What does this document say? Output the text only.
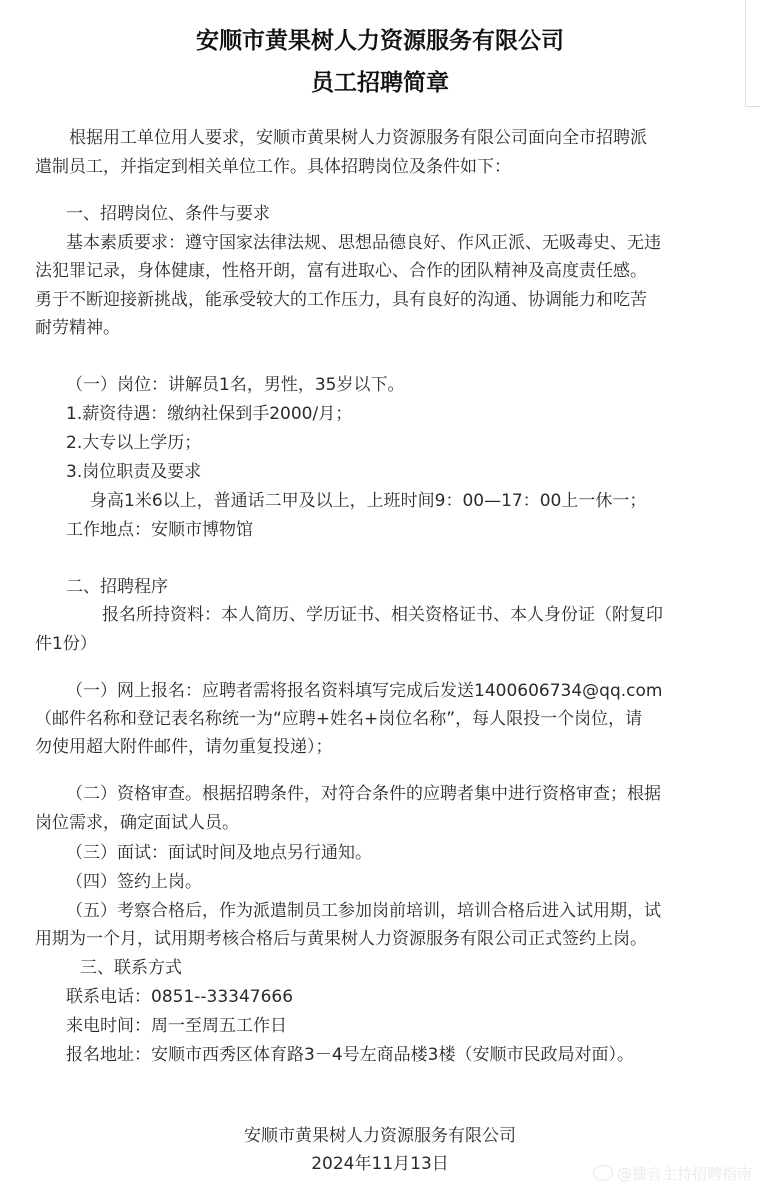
安顺市黄果树人力资源服务有限公司
员工招聘简章
根据用工单位用人要求，安顺市黄果树人力资源服务有限公司面向全市招聘派
遣制员工，并指定到相关单位工作。具体招聘岗位及条件如下：
一、招聘岗位、条件与要求
基本素质要求：遵守国家法律法规、思想品德良好、作风正派、无吸毒史、无违
法犯罪记录，身体健康，性格开朗，富有进取心、合作的团队精神及高度责任感。
勇于不断迎接新挑战，能承受较大的工作压力，具有良好的沟通、协调能力和吃苦
耐劳精神。
（一）岗位：讲解员1名，男性，35岁以下。
1.薪资待遇：缴纳社保到手2000/月；
2.大专以上学历；
3.岗位职责及要求
身高1米6以上，普通话二甲及以上，上班时间9：00—17：00上一休一；
工作地点：安顺市博物馆
二、招聘程序
报名所持资料：本人简历、学历证书、相关资格证书、本人身份证（附复印
件1份）
（一）网上报名：应聘者需将报名资料填写完成后发送1400606734@qq.com
（邮件名称和登记表名称统一为“应聘+姓名+岗位名称”，每人限投一个岗位，请
勿使用超大附件邮件，请勿重复投递）；
（二）资格审查。根据招聘条件，对符合条件的应聘者集中进行资格审查；根据
岗位需求，确定面试人员。
（三）面试：面试时间及地点另行通知。
（四）签约上岗。
（五）考察合格后，作为派遣制员工参加岗前培训，培训合格后进入试用期，试
用期为一个月，试用期考核合格后与黄果树人力资源服务有限公司正式签约上岗。
三、联系方式
联系电话：0851--33347666
来电时间：周一至周五工作日
报名地址：安顺市西秀区体育路3－4号左商品楼3楼（安顺市民政局对面）。
安顺市黄果树人力资源服务有限公司
2024年11月13日	@播音主持招聘指南
